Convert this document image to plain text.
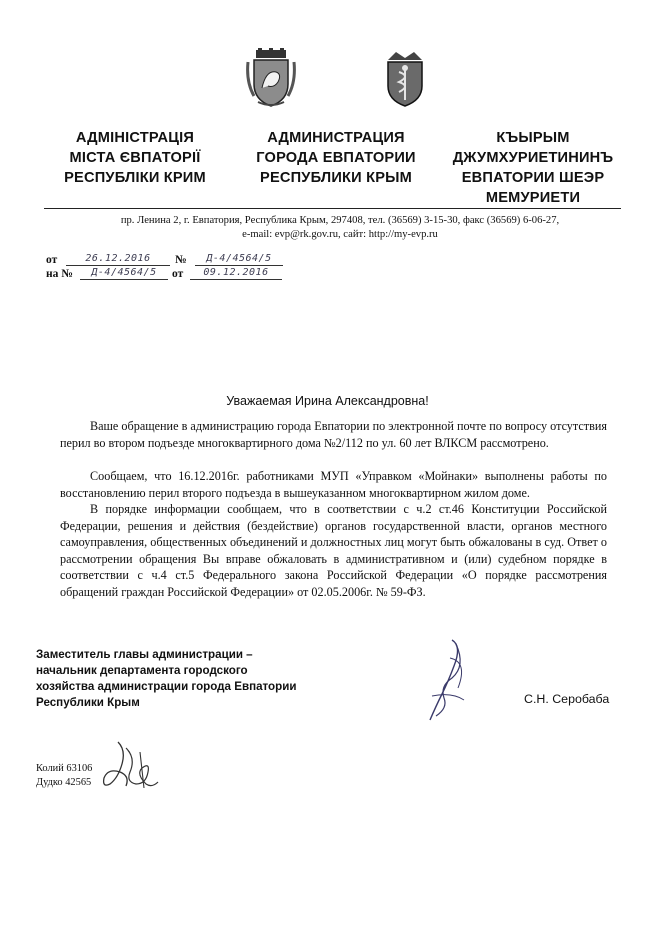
АДМІНІСТРАЦІЯ
МІСТА ЄВПАТОРІЇ
РЕСПУБЛІКИ КРИМ
АДМИНИСТРАЦИЯ
ГОРОДА ЕВПАТОРИИ
РЕСПУБЛИКИ КРЫМ
КЪЫРЫМ
ДЖУМХУРИЕТИНИНЪ
ЕВПАТОРИИ ШЕЭР
МЕМУРИЕТИ
пр. Ленина 2, г. Евпатория, Республика Крым, 297408, тел. (36569) 3-15-30, факс (36569) 6-06-27,
e-mail: evp@rk.gov.ru, сайт: http://my-evp.ru
от	26.12.2016	№	Д-4/4564/5
на №	Д-4/4564/5	от	09.12.2016
Уважаемая Ирина Александровна!

Ваше обращение в администрацию города Евпатории по электронной почте по вопросу отсутствия перил во втором подъезде многоквартирного дома №2/112 по ул. 60 лет ВЛКСМ рассмотрено.

Сообщаем, что 16.12.2016г. работниками МУП «Управком «Мойнаки» выполнены работы по восстановлению перил второго подъезда в вышеуказанном многоквартирном жилом доме.

В порядке информации сообщаем, что в соответствии с ч.2 ст.46 Конституции Российской Федерации, решения и действия (бездействие) органов государственной власти, органов местного самоуправления, общественных объединений и должностных лиц могут быть обжалованы в суд. Ответ о рассмотрении обращения Вы вправе обжаловать в административном и (или) судебном порядке в соответствии с ч.4 ст.5 Федерального закона Российской Федерации «О порядке рассмотрения обращений граждан Российской Федерации» от 02.05.2006г. № 59-ФЗ.

Заместитель главы администрации –
начальник департамента городского
хозяйства администрации города Евпатории
Республики Крым	С.Н. Серобаба
Колий 63106
Дудко 42565
